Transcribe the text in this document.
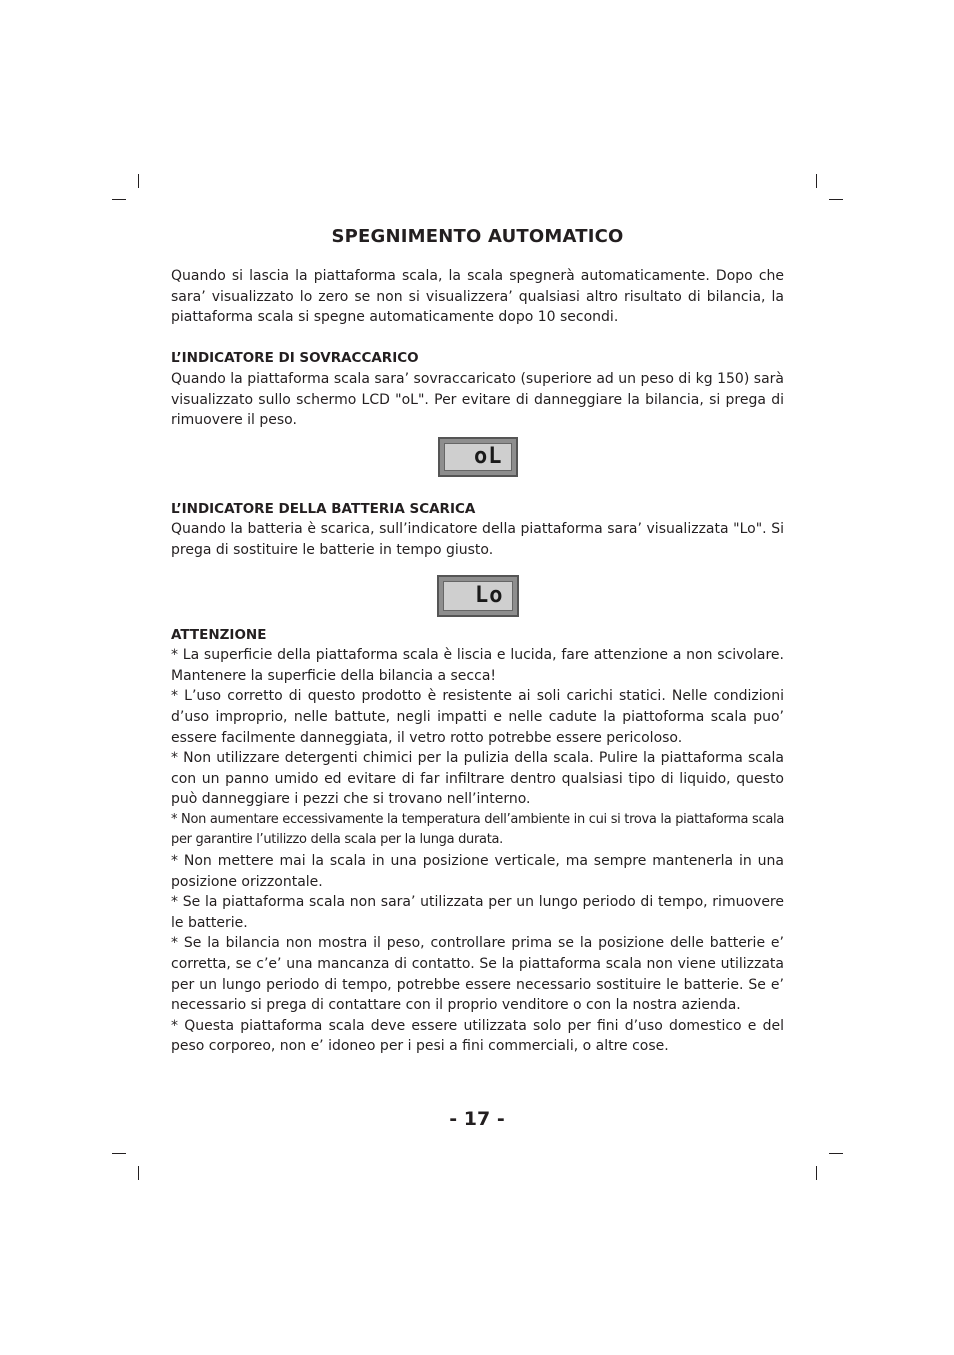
SPEGNIMENTO AUTOMATICO

Quando si lascia la piattaforma scala, la scala spegnerà automaticamente. Dopo che sara’ visualizzato lo zero se non si visualizzera’ qualsiasi altro risultato di bilancia, la piattaforma scala si spegne automaticamente dopo 10 secondi.

L’INDICATORE DI SOVRACCARICO

Quando la piattaforma scala sara’ sovraccaricato (superiore ad un peso di kg 150) sarà visualizzato sullo schermo LCD "oL". Per evitare di danneggiare la bilancia, si prega di rimuovere il peso.

oL
L’INDICATORE DELLA BATTERIA SCARICA

Quando la batteria è scarica, sull’indicatore della piattaforma sara’ visualizzata "Lo". Si prega di sostituire le batterie in tempo giusto.

Lo
ATTENZIONE

* La superficie della piattaforma scala è liscia e lucida, fare attenzione a non scivolare. Mantenere la superficie della bilancia a secca!

* L’uso corretto di questo prodotto è resistente ai soli carichi statici. Nelle condizioni d’uso improprio, nelle battute, negli impatti e nelle cadute la piattoforma scala puo’ essere facilmente danneggiata, il vetro rotto potrebbe essere pericoloso.

* Non utilizzare detergenti chimici per la pulizia della scala. Pulire la piattaforma scala con un panno umido ed evitare di far infiltrare dentro qualsiasi tipo di liquido, questo può danneggiare i pezzi che si trovano nell’interno.

* Non aumentare eccessivamente la temperatura dell’ambiente in cui si trova la piattaforma scala per garantire l’utilizzo della scala per la lunga durata.

* Non mettere mai la scala in una posizione verticale, ma sempre mantenerla in una posizione orizzontale.

* Se la piattaforma scala non sara’ utilizzata per un lungo periodo di tempo, rimuovere le batterie.

* Se la bilancia non mostra il peso, controllare prima se la posizione delle batterie e’ corretta, se c’e’ una mancanza di contatto. Se la piattaforma scala non viene utilizzata per un lungo periodo di tempo, potrebbe essere necessario sostituire le batterie. Se e’ necessario si prega di contattare con il proprio venditore o con la nostra azienda.

* Questa piattaforma scala deve essere utilizzata solo per fini d’uso domestico e del peso corporeo, non e’ idoneo per i pesi a fini commerciali, o altre cose.

- 17 -
